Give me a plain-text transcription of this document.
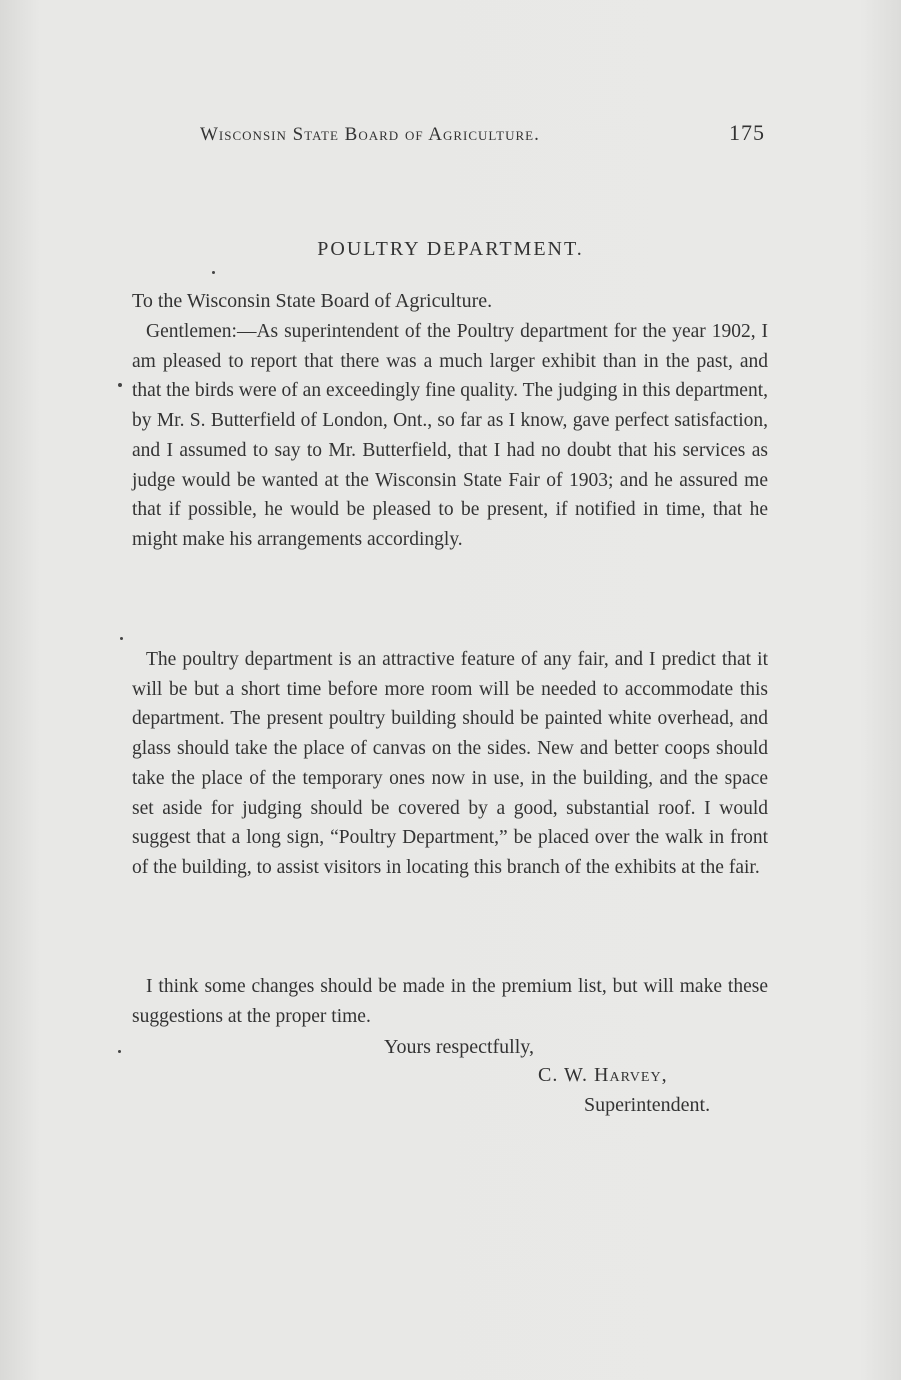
Wisconsin State Board of Agriculture.	175
POULTRY DEPARTMENT.
To the Wisconsin State Board of Agriculture.

Gentlemen:—As superintendent of the Poultry department for the year 1902, I am pleased to report that there was a much larger exhibit than in the past, and that the birds were of an exceedingly fine quality. The judging in this department, by Mr. S. Butterfield of London, Ont., so far as I know, gave perfect satisfaction, and I assumed to say to Mr. Butterfield, that I had no doubt that his services as judge would be wanted at the Wisconsin State Fair of 1903; and he assured me that if possible, he would be pleased to be present, if notified in time, that he might make his arrangements accordingly.

The poultry department is an attractive feature of any fair, and I predict that it will be but a short time before more room will be needed to accommodate this department. The present poultry building should be painted white overhead, and glass should take the place of canvas on the sides. New and better coops should take the place of the temporary ones now in use, in the building, and the space set aside for judging should be covered by a good, substantial roof. I would suggest that a long sign, “Poultry Department,” be placed over the walk in front of the building, to assist visitors in locating this branch of the exhibits at the fair.

I think some changes should be made in the premium list, but will make these suggestions at the proper time.

Yours respectfully,
C. W. Harvey,
Superintendent.
